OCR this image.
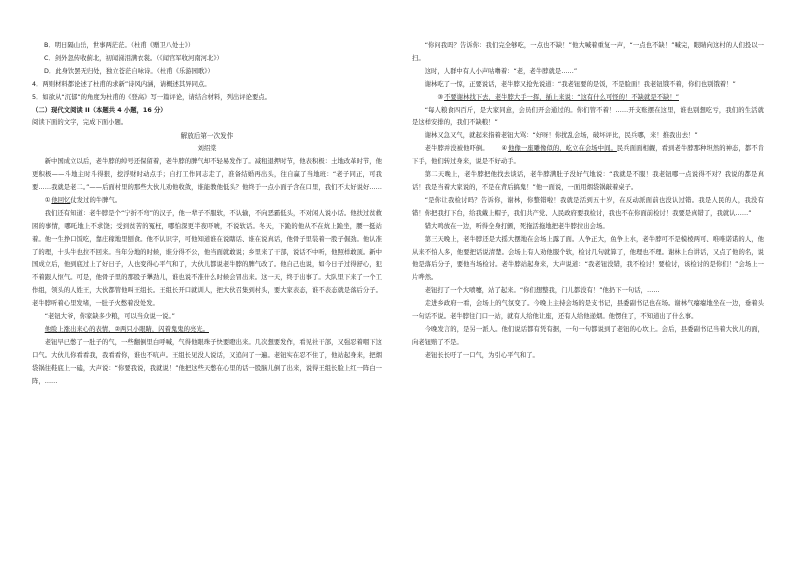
B．明日隔山岳，世事两茫茫。（杜甫《赠卫八处士》）

C．剑外忽传收蓟北，初闻涕泪满衣裳。（《闻官军收河南河北》）

D．此身饮罢无归处，独立苍茫自咏诗。（杜甫《乐游园歌》）

4．两则材料都论述了杜甫的求新”诗风内涵，请概述其异同点。

5．如欲从“沉郁”的角度为杜甫的《登高》写一篇评论，请结合材料，列出评论要点。

（二）现代文阅读 II（本题共 4 小题，16 分）

阅读下面的文字，完成下面小题。

解放后第一次发作

刘绍棠

新中国成立以后，老牛脖的绰号还保留着，老牛脖的脾气却不轻易发作了。减租退押时节，他表积极：土地改革时节，他更积极——斗地主时斗得狠，挖浮财时动点手；自打工作同志走了，准备结婚再出头，往自赢了当地班：“老子同正，可我要……我就是老二。”——后面村里的那些大伙儿劝他收敛，谁能教他低头？他终于一点小面子含在口里，我们不太好说好……①他回忆仗发过的牛脾气。

我们还有知道：老牛脖是个“宁折不弯”的汉子，他一辈子不服软，不认输，不向恶霸低头，不对闲人说小话。他扶过贫救困的事情，哪吒地上不求饶；受到贫苦的冤枉，哪怕深更半夜吓唬，不说软话。冬天，下跪的他从不在炕上跪坐，腰一挺站着。他一生挣口饭吃，靠庄稼地里刨食。他不认识字，可他知道谁在说瞎话、谁在说真话，他骨子里装着一股子倔劲。他认准了的理，十头牛也拉不回来。当年分地的时候，谁分得不公，他当面就敢说；乡里来了干部，说话不中听，他照样敢顶。新中国成立后，他到底过上了好日子，人也变得心平气和了，大伙儿都说老牛脖的脾气改了。他自己也说，如今日子过得舒心，犯不着跟人怄气。可是，他骨子里的那股子犟劲儿，谁也说不准什么时候会冒出来。这一天，终于出事了。大队里下来了一个工作组，领头的人姓王，大伙都管他叫王组长。王组长开口就训人，把大伙召集到村头，要大家表态，谁不表态就是落后分子。老牛脖听着心里发堵，一肚子火憋着没处发。

“老钮大爷，你家缺多少粮，可以当众说一说。”

他脸上涨出来心的表情，②两只小眼睛，闪着鬼鬼的亮光。

老钮早已憋了一肚子的气，一些翻倒里白呼喊，气得他眼珠子快要瞪出来。几次想要发作，看见社干部，又强忍着咽下这口气。大伙儿你看看我，我看看你，谁也不吭声。王组长见没人说话，又追问了一遍。老钮实在忍不住了，他站起身来，把烟袋锅往鞋底上一磕，大声说：“你要我说，我就说！”他把这些天憋在心里的话一股脑儿倒了出来，说得王组长脸上红一阵白一阵，……

“你问我吗？告诉你：我们完全够吃，一点也不缺！”他大喊着重复一声，“一点也不缺！”喊完，眼睛向这村的人们投以一扫。

这时，人群中有人小声咕噜着：“老，老牛脖就是……”

谢林吃了一惊，正要说话，老牛脖又抢先说道：“我老钮要的是饭，不是脸面！我老钮饿不着，你们也别饿着！”

③不要谢林找下去，老牛脖大手一挥，插上来说：“这有什么可怪的！不缺就是不缺！”

“每人粮食四百斤，是大家同意，会员们开会通过的。你们管不着！……开支账摆在这里，谁也别想吃亏，我们的生活就是这样安排的，我们不缺粮！”

谢林又急又气，就起来指着老钮大骂：“好呀！你扰乱会场，破坏评比，民兵哪，来！推我出去！”

老牛脖并没被他吓倒。 ④他像一座雕像似的，屹立在会场中间。民兵面面相觑，看到老牛脖那种坦然的神态，都不肯下手，他们转过身来，说是不好动手。

第二天晚上，老牛脖把他找去谈话，老牛脖满肚子没好气地说：“我就是不服！我老钮哪一点说得不对？我说的都是真话！我是当着大家说的，不是在背后搞鬼！”他一面说，一面用烟袋锅敲着桌子。

“是你让我检讨吗？告诉你，谢林，你整错啦！我就是活到五十岁，在反动派面前也没认过错。我是人民的人，我没有错！你把我打下台，给我戴上帽子，我们共产党、人民政府要我检讨，我也不在你面前检讨！我要是真错了，我就认……”

错大鸣放在一边，听得全身打颤，死拖活拖地把老牛脖拉出会场。

第三天晚上，老牛脖还是大摇大摆地在会场上露了面。人争正大，鱼争上水，老牛脖可不是模棱两可、唯唯诺诺的人，他从来不怕人多，他要把话说清楚。会场上有人劝他服个软，检讨几句就算了，他理也不理。谢林上台讲话，又点了他的名，说他是落后分子，要他当场检讨。老牛脖站起身来，大声说道：“我老钮没错，我不检讨！要检讨，该检讨的是你们！”会场上一片哗然。

老钮打了一个大喷嚏，站了起来。“你们想整我，门儿都没有！”他扔下一句话，……

走进乡政府一看，会场上的气氛变了。今晚上主持会场的是支书记，县委副书记也在场。谢林气瘪瘪地坐在一边，垂着头一句话不说。老牛脖往门口一站，就有人给他让座，还有人给他递烟。他愣住了，不知道出了什么事。

今晚发言的，是另一派人。他们说话都有凭有据，一句一句都说到了老钮的心坎上。会后，县委副书记当着大伙儿的面，向老钮赔了不是。

老钮长长吁了一口气，为引心平气和了。
